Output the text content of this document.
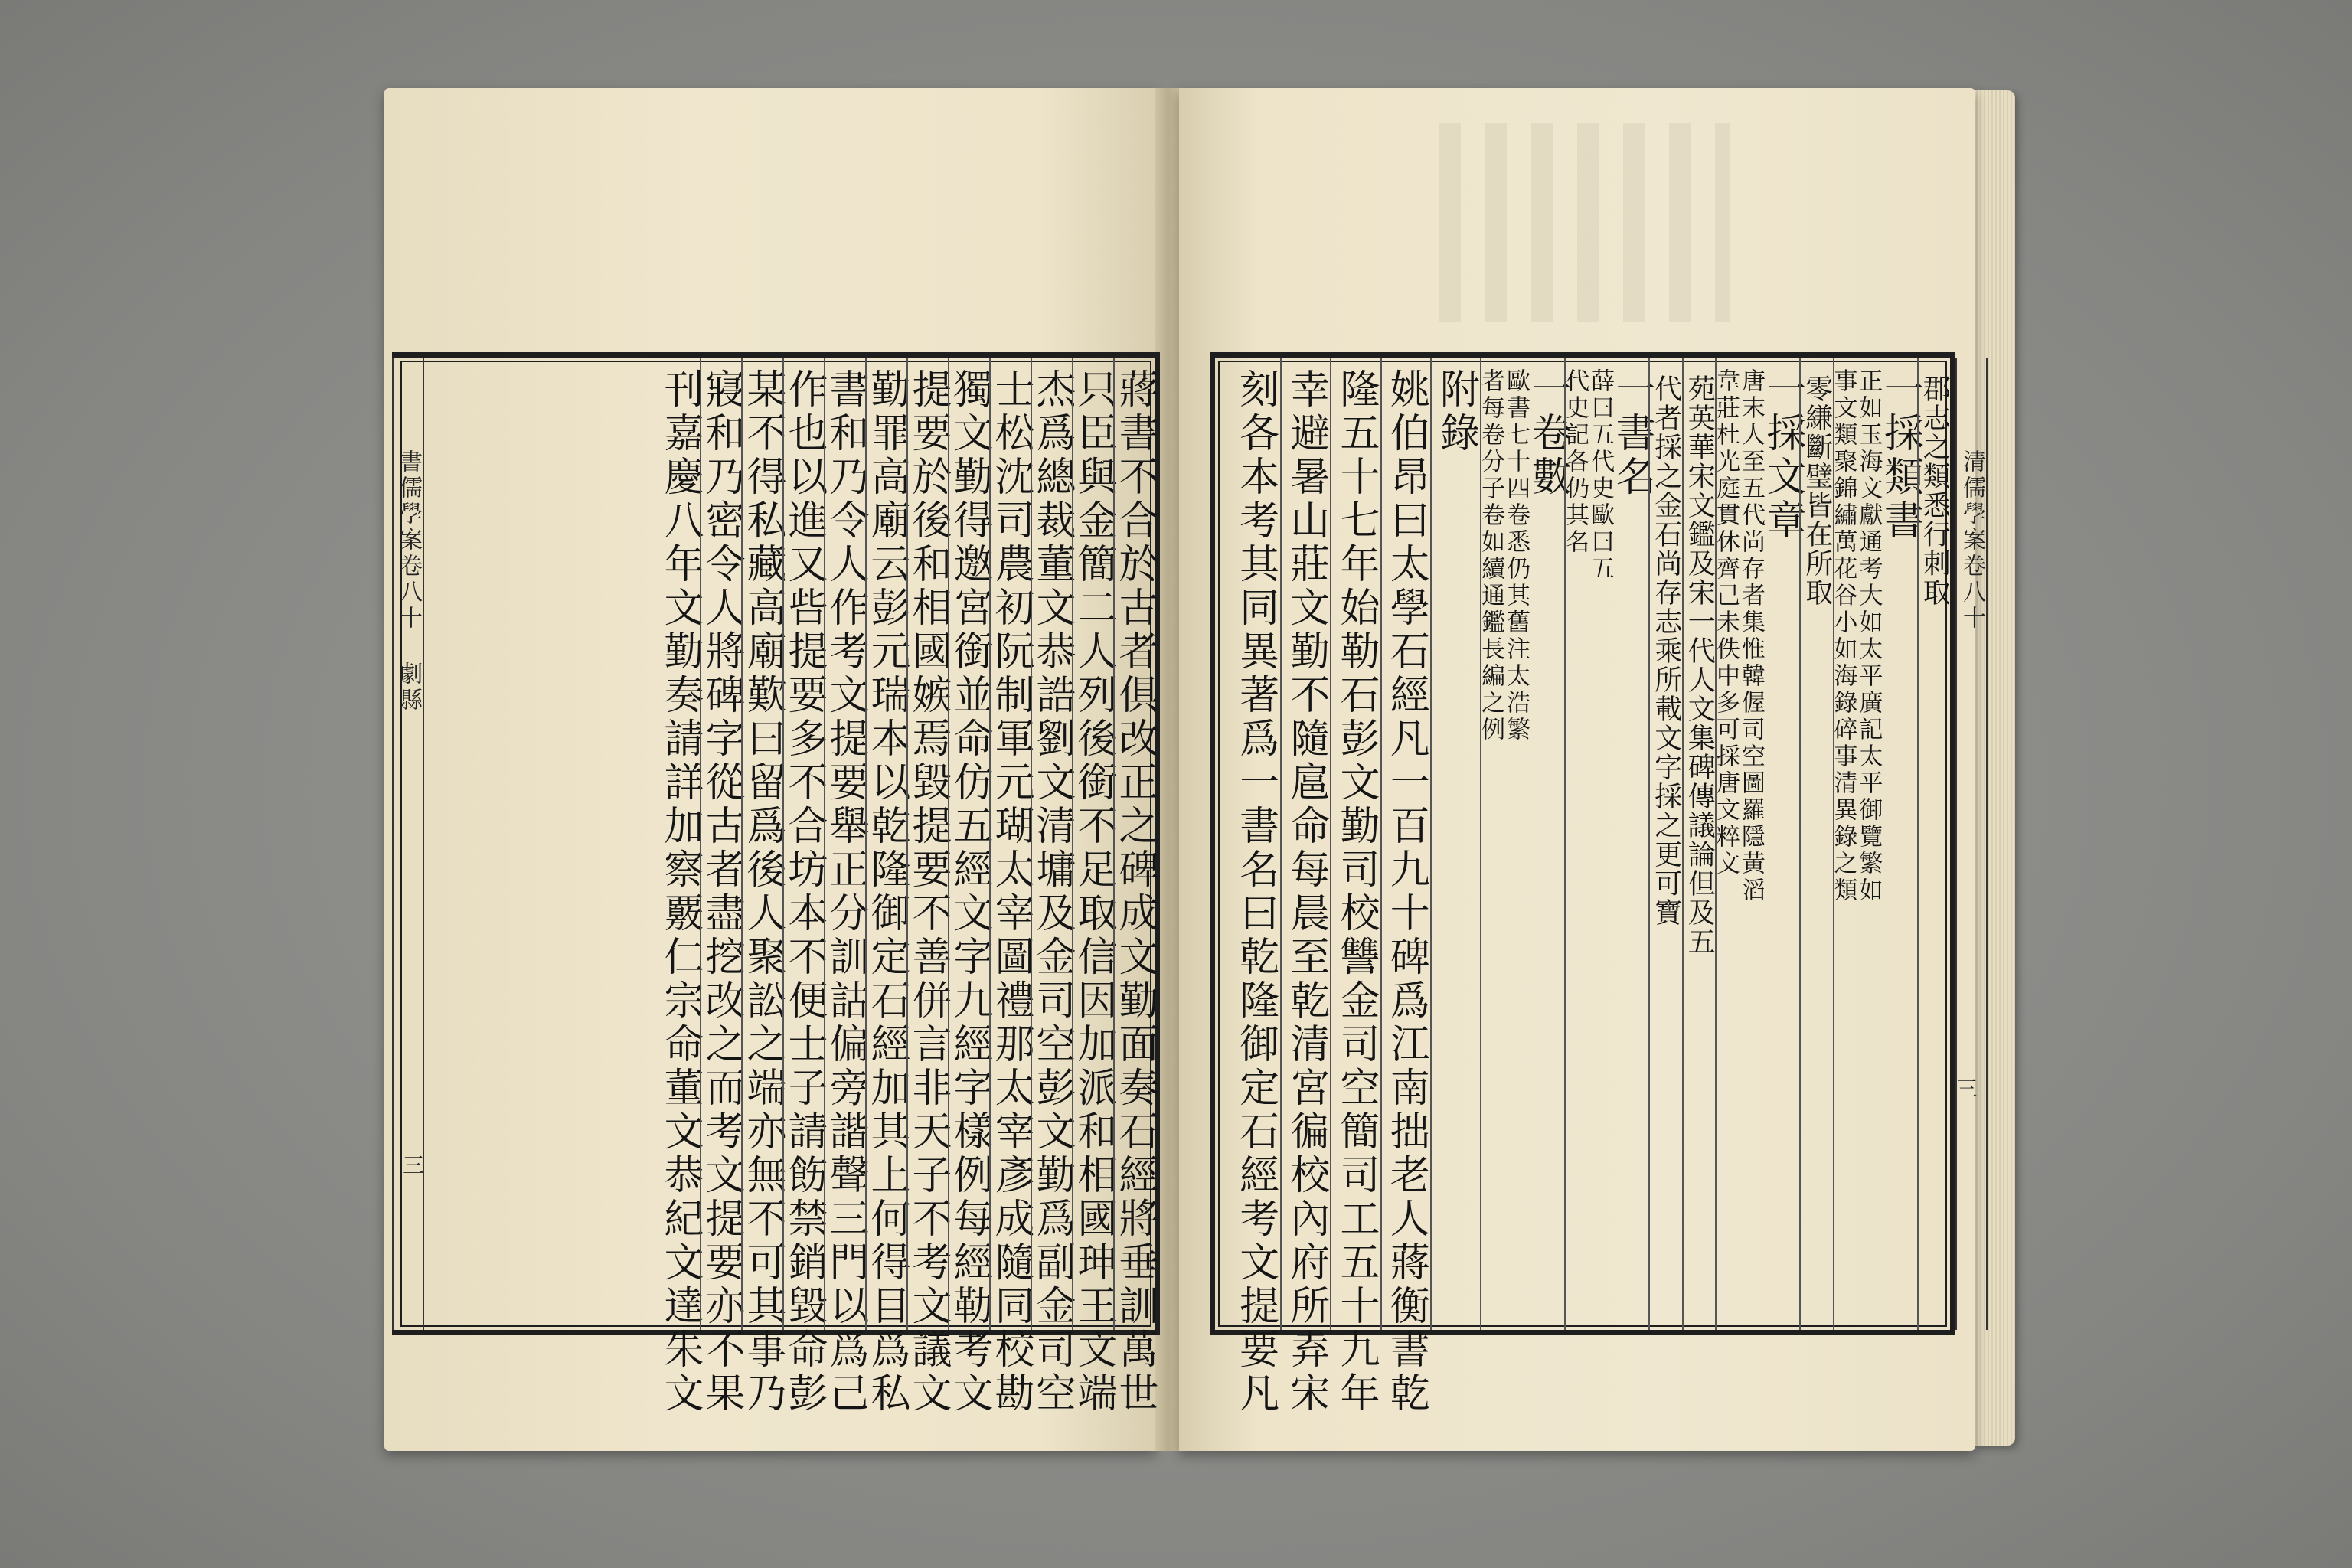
書儒學案卷八十 劇縣
三	蔣書不合於古者俱改正之碑成文勤面奏石經將垂訓萬世
只臣與金簡二人列後銜不足取信因加派和相國珅王文端
杰爲總裁董文恭誥劉文清墉及金司空彭文勤爲副金司空
士松沈司農初阮制軍元瑚太宰圖禮那太宰彥成隨同校勘
獨文勤得邀宮銜並命仿五經文字九經字樣例每經勒考文
提要於後和相國嫉焉毀提要不善併言非天子不考文議文
勤罪高廟云彭元瑞本以乾隆御定石經加其上何得目爲私
書和乃令人作考文提要舉正分訓詁偏旁諧聲三門以爲己
作也以進又呰提要多不合坊本不便士子請飭禁銷毀命彭
某不得私藏高廟歎曰留爲後人聚訟之端亦無不可其事乃
寢和乃密令人將碑字從古者盡挖改之而考文提要亦不果
刊嘉慶八年文勤奏請詳加察覈仁宗命董文恭紀文達朱文	清儒學案卷八十
三
郡志之類悉行刺取
一採類書
正如玉海文獻通考大如太平廣記太平御覽繁如
事文類聚錦繡萬花谷小如海錄碎事清異錄之類
零縑斷璧皆在所取
一採文章
唐末人至五代尚存者集惟韓偓司空圖羅隱黃滔
韋莊杜光庭貫休齊己未佚中多可採唐文粹文
苑英華宋文鑑及宋一代人文集碑傳議論但及五
代者採之金石尚存志乘所載文字採之更可寶
一書名
薛曰五代史歐曰五
代史記各仍其名
一卷數
歐書七十四卷悉仍其舊注太浩繁
者每卷分子卷如續通鑑長編之例
附錄
姚伯昂曰太學石經凡一百九十碑爲江南拙老人蔣衡書乾
隆五十七年始勒石彭文勤司校讐金司空簡司工五十九年
幸避暑山莊文勤不隨扈命每晨至乾清宮徧校內府所弆宋
刻各本考其同異著爲一書名曰乾隆御定石經考文提要凡
